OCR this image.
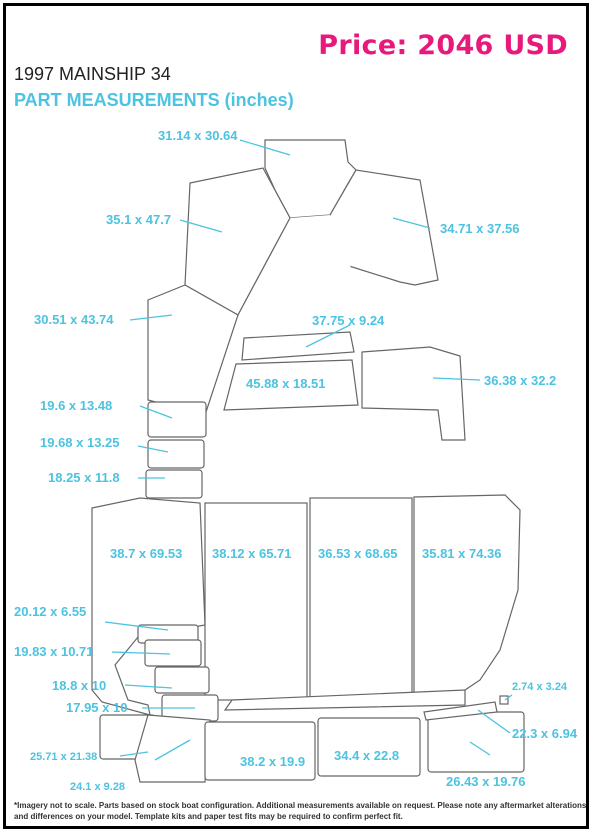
Price: 2046 USD
1997 MAINSHIP 34
PART MEASUREMENTS (inches)
31.14 x 30.64
35.1 x 47.7
34.71 x 37.56
30.51 x 43.74	37.75 x 9.24
45.88 x 18.51	36.38 x 32.2
19.6 x 13.48
19.68 x 13.25
18.25 x 11.8
38.7 x 69.53 38.12 x 65.71 36.53 x 68.65 35.81 x 74.36
20.12 x 6.55
19.83 x 10.71
18.8 x 10
17.95 x 10
2.74 x 3.24
22.3 x 6.94
25.71 x 21.38	38.2 x 19.9 34.4 x 22.8
24.1 x 9.28	26.43 x 19.76
*Imagery not to scale. Parts based on stock boat configuration. Additional measurements available on request. Please note any aftermarket alterations and differences on your model. Template kits and paper test fits may be required to confirm perfect fit.
